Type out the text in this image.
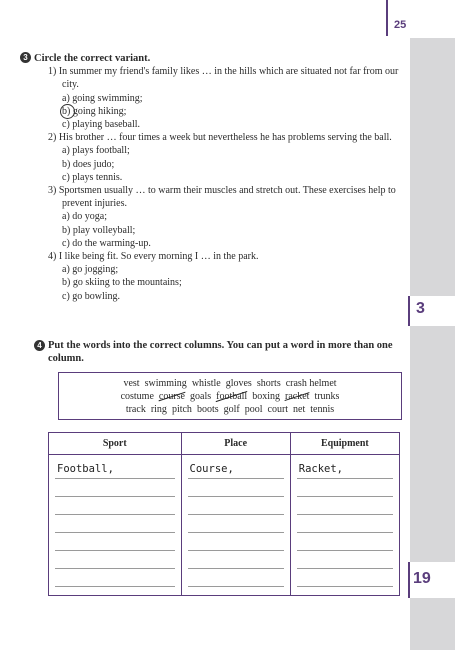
25
3
19
3 Circle the correct variant.
1) In summer my friend's family likes … in the hills which are situated not far from our city.
a) going swimming;
b) going hiking;
c) playing baseball.
2) His brother … four times a week but nevertheless he has problems serving the ball.
a) plays football;
b) does judo;
c) plays tennis.
3) Sportsmen usually … to warm their muscles and stretch out. These exercises help to prevent injuries.
a) do yoga;
b) play volleyball;
c) do the warming-up.
4) I like being fit. So every morning I … in the park.
a) go jogging;
b) go skiing to the mountains;
c) go bowling.
4 Put the words into the correct columns. You can put a word in more than one column.
vest swimming whistle gloves shorts crash helmet
costume course goals football boxing racket trunks
track ring pitch boots golf pool court net tennis
Sport	Place	Equipment

Football,	Course,	Racket,
